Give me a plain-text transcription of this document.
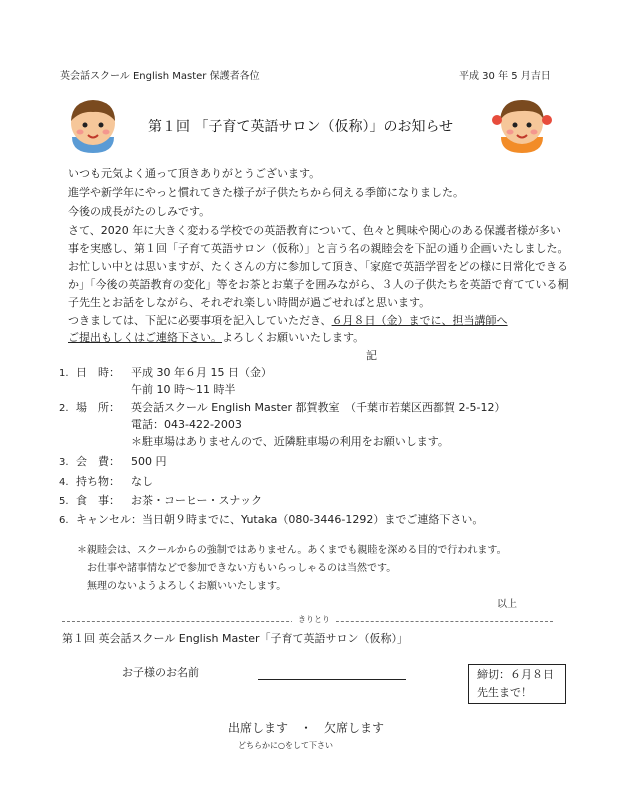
英会話スクール English Master 保護者各位	平成 30 年 5 月吉日
第１回 「子育て英語サロン（仮称）」のお知らせ
いつも元気よく通って頂きありがとうございます。
進学や新学年にやっと慣れてきた様子が子供たちから伺える季節になりました。
今後の成長がたのしみです。
さて、2020 年に大きく変わる学校での英語教育について、色々と興味や関心のある保護者様が多い
事を実感し、第１回「子育て英語サロン（仮称）」と言う名の親睦会を下記の通り企画いたしました。
お忙しい中とは思いますが、たくさんの方に参加して頂き、「家庭で英語学習をどの様に日常化できる
か」「今後の英語教育の変化」等をお茶とお菓子を囲みながら、３人の子供たちを英語で育てている桐
子先生とお話をしながら、それぞれ楽しい時間が過ごせればと思います。
つきましては、下記に必要事項を記入していただき、６月８日（金）までに、担当講師へ
ご提出もしくはご連絡下さい。よろしくお願いいたします。
記
1. 日　時： 平成 30 年６月 15 日（金）
午前 10 時～11 時半
2. 場　所： 英会話スクール English Master 都賀教室　（千葉市若葉区西都賀 2-5-12）
電話：043-422-2003
＊駐車場はありませんので、近隣駐車場の利用をお願いします。
3. 会　費： 500 円
4. 持ち物： なし
5. 食　事： お茶・コーヒー・スナック
6. キャンセル：当日朝９時までに、Yutaka（080-3446-1292）までご連絡下さい。
＊親睦会は、スクールからの強制ではありません。あくまでも親睦を深める目的で行われます。
お仕事や諸事情などで参加できない方もいらっしゃるのは当然です。
無理のないようよろしくお願いいたします。
以上
きりとり
第１回 英会話スクール English Master「子育て英語サロン（仮称）」
お子様のお名前	締切：６月８日
先生まで！
出席します　・　欠席します
どちらかに○をして下さい
